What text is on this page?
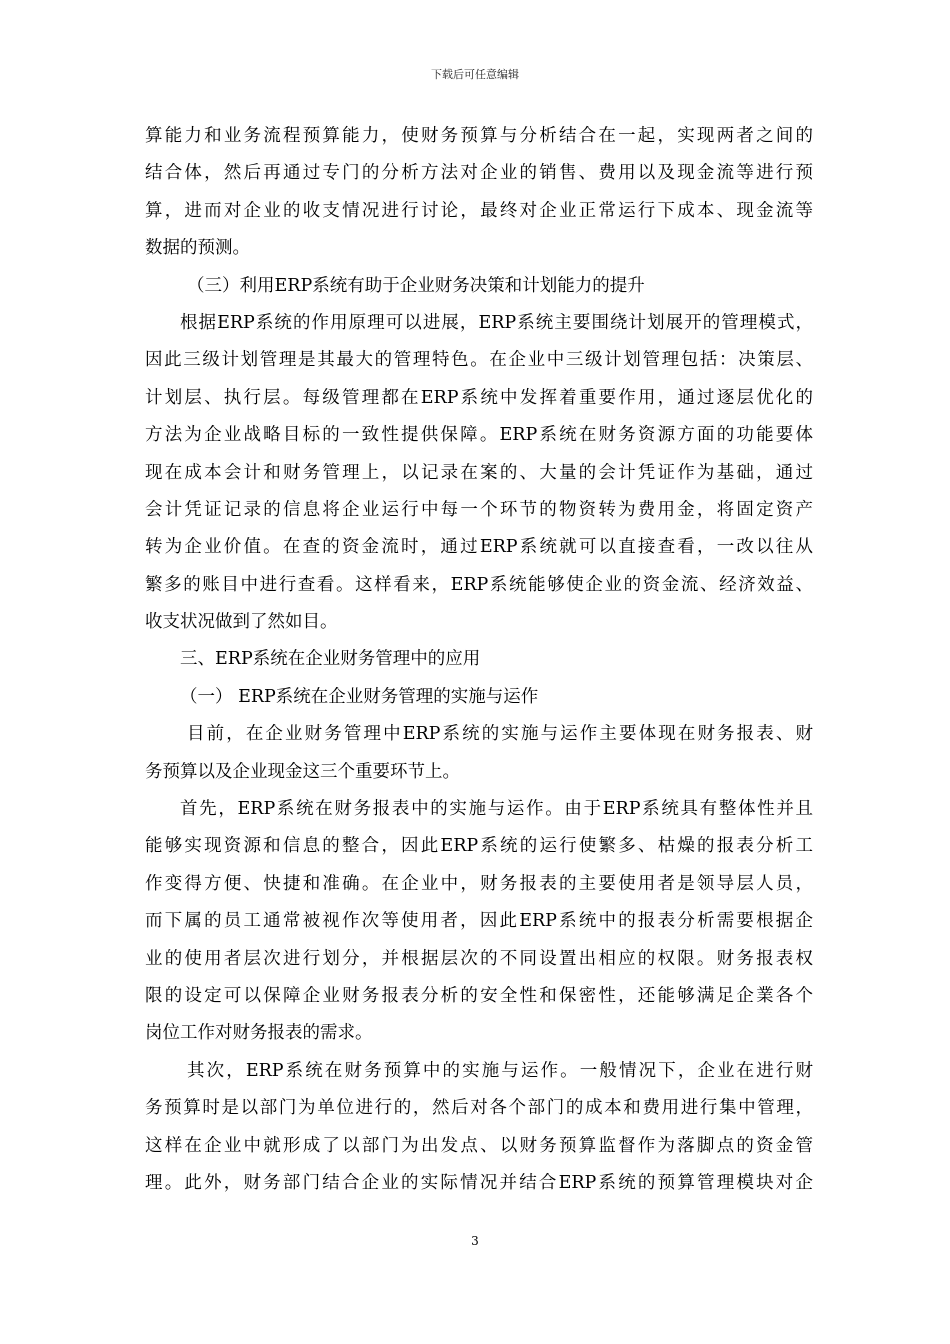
下载后可任意编辑
算能力和业务流程预算能力，使财务预算与分析结合在一起，实现两者之间的
结合体，然后再通过专门的分析方法对企业的销售、费用以及现金流等进行预
算，进而对企业的收支情况进行讨论，最终对企业正常运行下成本、现金流等
数据的预测。
（三）利用ERP系统有助于企业财务决策和计划能力的提升
根据ERP系统的作用原理可以进展，ERP系统主要围绕计划展开的管理模式，
因此三级计划管理是其最大的管理特色。在企业中三级计划管理包括：决策层、
计划层、执行层。每级管理都在ERP系统中发挥着重要作用，通过逐层优化的
方法为企业战略目标的一致性提供保障。ERP系统在财务资源方面的功能要体
现在成本会计和财务管理上，以记录在案的、大量的会计凭证作为基础，通过
会计凭证记录的信息将企业运行中每一个环节的物资转为费用金，将固定资产
转为企业价值。在查的资金流时，通过ERP系统就可以直接查看，一改以往从
繁多的账目中进行查看。这样看来，ERP系统能够使企业的资金流、经济效益、
收支状况做到了然如目。
三、ERP系统在企业财务管理中的应用
（一） ERP系统在企业财务管理的实施与运作
目前，在企业财务管理中ERP系统的实施与运作主要体现在财务报表、财
务预算以及企业现金这三个重要环节上。
首先，ERP系统在财务报表中的实施与运作。由于ERP系统具有整体性并且
能够实现资源和信息的整合，因此ERP系统的运行使繁多、枯燥的报表分析工
作变得方便、快捷和准确。在企业中，财务报表的主要使用者是领导层人员，
而下属的员工通常被视作次等使用者，因此ERP系统中的报表分析需要根据企
业的使用者层次进行划分，并根据层次的不同设置出相应的权限。财务报表权
限的设定可以保障企业财务报表分析的安全性和保密性，还能够满足企業各个
岗位工作对财务报表的需求。
其次，ERP系统在财务预算中的实施与运作。一般情况下，企业在进行财
务预算时是以部门为单位进行的，然后对各个部门的成本和费用进行集中管理，
这样在企业中就形成了以部门为出发点、以财务预算监督作为落脚点的资金管
理。此外，财务部门结合企业的实际情况并结合ERP系统的预算管理模块对企
3
